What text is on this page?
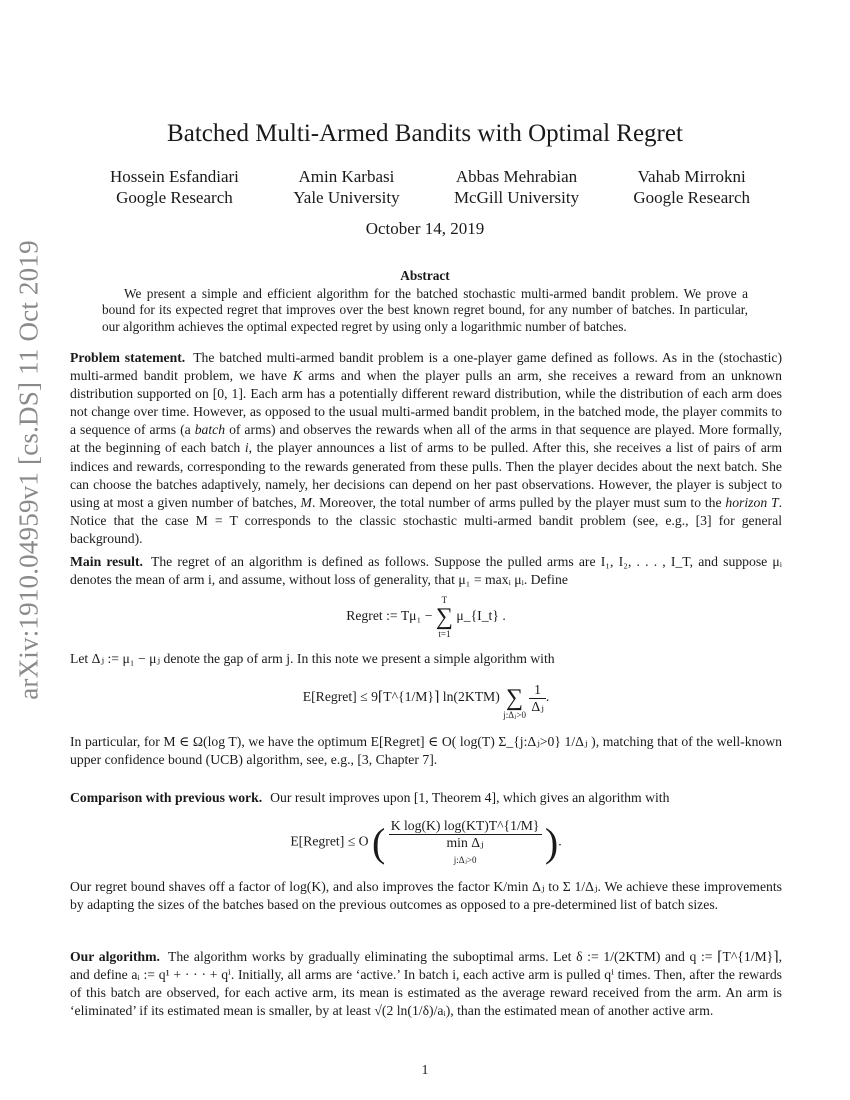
arXiv:1910.04959v1 [cs.DS] 11 Oct 2019
Batched Multi-Armed Bandits with Optimal Regret
Hossein Esfandiari
Google Research
Amin Karbasi
Yale University
Abbas Mehrabian
McGill University
Vahab Mirrokni
Google Research
October 14, 2019
Abstract

We present a simple and efficient algorithm for the batched stochastic multi-armed bandit problem. We prove a bound for its expected regret that improves over the best known regret bound, for any number of batches. In particular, our algorithm achieves the optimal expected regret by using only a logarithmic number of batches.

Problem statement. The batched multi-armed bandit problem is a one-player game defined as follows. As in the (stochastic) multi-armed bandit problem, we have K arms and when the player pulls an arm, she receives a reward from an unknown distribution supported on [0, 1]. Each arm has a potentially different reward distribution, while the distribution of each arm does not change over time. However, as opposed to the usual multi-armed bandit problem, in the batched mode, the player commits to a sequence of arms (a batch of arms) and observes the rewards when all of the arms in that sequence are played. More formally, at the beginning of each batch i, the player announces a list of arms to be pulled. After this, she receives a list of pairs of arm indices and rewards, corresponding to the rewards generated from these pulls. Then the player decides about the next batch. She can choose the batches adaptively, namely, her decisions can depend on her past observations. However, the player is subject to using at most a given number of batches, M. Moreover, the total number of arms pulled by the player must sum to the horizon T. Notice that the case M = T corresponds to the classic stochastic multi-armed bandit problem (see, e.g., [3] for general background).

Main result. The regret of an algorithm is defined as follows. Suppose the pulled arms are I₁, I₂, . . . , I_T, and suppose μᵢ denotes the mean of arm i, and assume, without loss of generality, that μ₁ = maxᵢ μᵢ. Define

Regret := Tμ₁ −
T
∑
t=1
μ_{I_t} .

Let Δⱼ := μ₁ − μⱼ denote the gap of arm j. In this note we present a simple algorithm with

E[Regret] ≤ 9⌈T^{1/M}⌉ ln(2KTM)
∑
j:Δⱼ>0

$\frac{1}{\text{Δⱼ}}$ .

In particular, for M ∈ Ω(log T), we have the optimum E[Regret] ∈ O( log(T) Σ_{j:Δⱼ>0} 1/Δⱼ ), matching that of the well-known upper confidence bound (UCB) algorithm, see, e.g., [3, Chapter 7].

Comparison with previous work. Our result improves upon [1, Theorem 4], which gives an algorithm with

E[Regret] ≤ O ( K log(K) log(KT)T^{1/M}
min Δⱼ
j:Δⱼ>0	).

Our regret bound shaves off a factor of log(K), and also improves the factor K/min Δⱼ to Σ 1/Δⱼ. We achieve these improvements by adapting the sizes of the batches based on the previous outcomes as opposed to a pre-determined list of batch sizes.

Our algorithm. The algorithm works by gradually eliminating the suboptimal arms. Let δ := 1/(2KTM) and q := ⌈T^{1/M}⌉, and define aᵢ := q¹ + · · · + qⁱ. Initially, all arms are ‘active.’ In batch i, each active arm is pulled qⁱ times. Then, after the rewards of this batch are observed, for each active arm, its mean is estimated as the average reward received from the arm. An arm is ‘eliminated’ if its estimated mean is smaller, by at least √(2 ln(1/δ)/aᵢ), than the estimated mean of another active arm.

1
